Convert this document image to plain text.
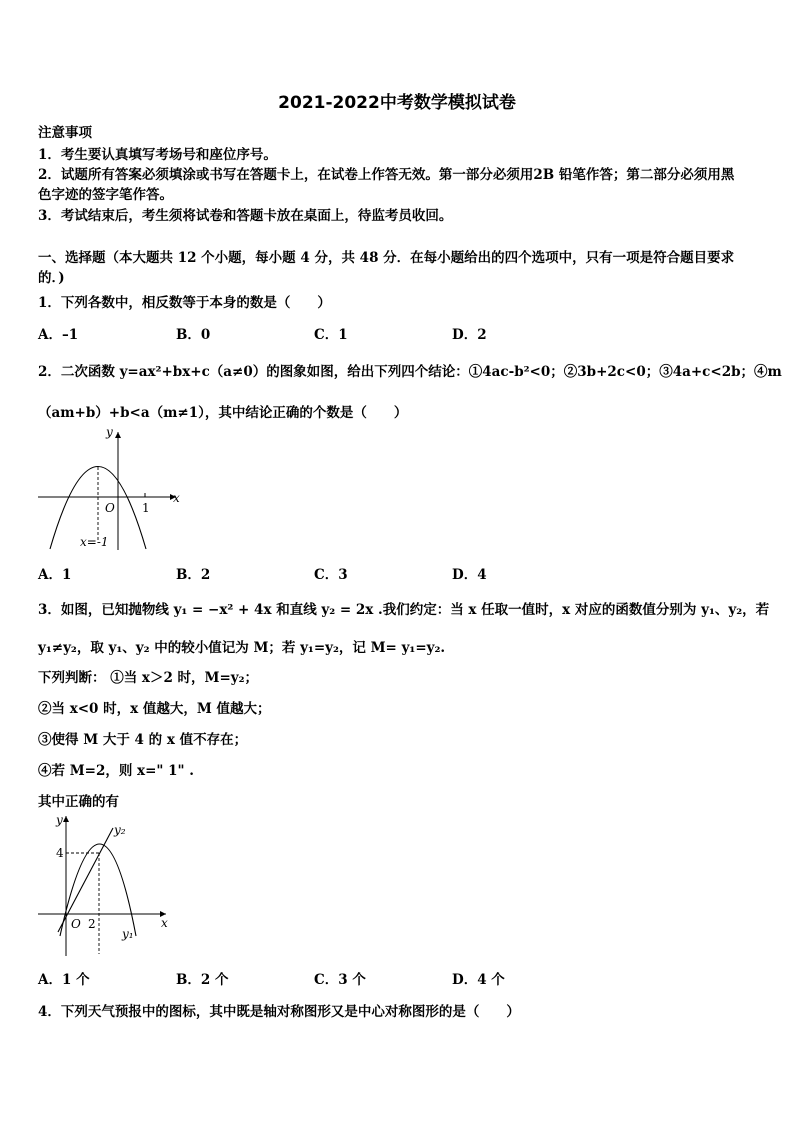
2021-2022中考数学模拟试卷
注意事项
1．考生要认真填写考场号和座位序号。
2．试题所有答案必须填涂或书写在答题卡上，在试卷上作答无效。第一部分必须用2B 铅笔作答；第二部分必须用黑
色字迹的签字笔作答。
3．考试结束后，考生须将试卷和答题卡放在桌面上，待监考员收回。
一、选择题（本大题共 12 个小题，每小题 4 分，共 48 分．在每小题给出的四个选项中，只有一项是符合题目要求
的．)
1．下列各数中，相反数等于本身的数是（　　）
A．–1	B．0	C．1	D．2
2．二次函数 y=ax²+bx+c（a≠0）的图象如图，给出下列四个结论：①4ac-b²<0；②3b+2c<0；③4a+c<2b；④m
（am+b）+b<a（m≠1），其中结论正确的个数是（　　）
y
x
O 1
x=-1
A．1	B．2	C．3	D．4
3．如图，已知抛物线 y₁ = −x² + 4x 和直线 y₂ = 2x .我们约定：当 x 任取一值时，x 对应的函数值分别为 y₁、y₂，若
y₁≠y₂，取 y₁、y₂ 中的较小值记为 M；若 y₁=y₂，记 M= y₁=y₂.
下列判断： ①当 x＞2 时，M=y₂；
②当 x<0 时，x 值越大，M 值越大；
③使得 M 大于 4 的 x 值不存在；
④若 M=2，则 x=" 1" .
其中正确的有
y
x
4
O 2
y₂
y₁
A．1 个	B．2 个	C．3 个	D．4 个
4．下列天气预报中的图标，其中既是轴对称图形又是中心对称图形的是（　　）
